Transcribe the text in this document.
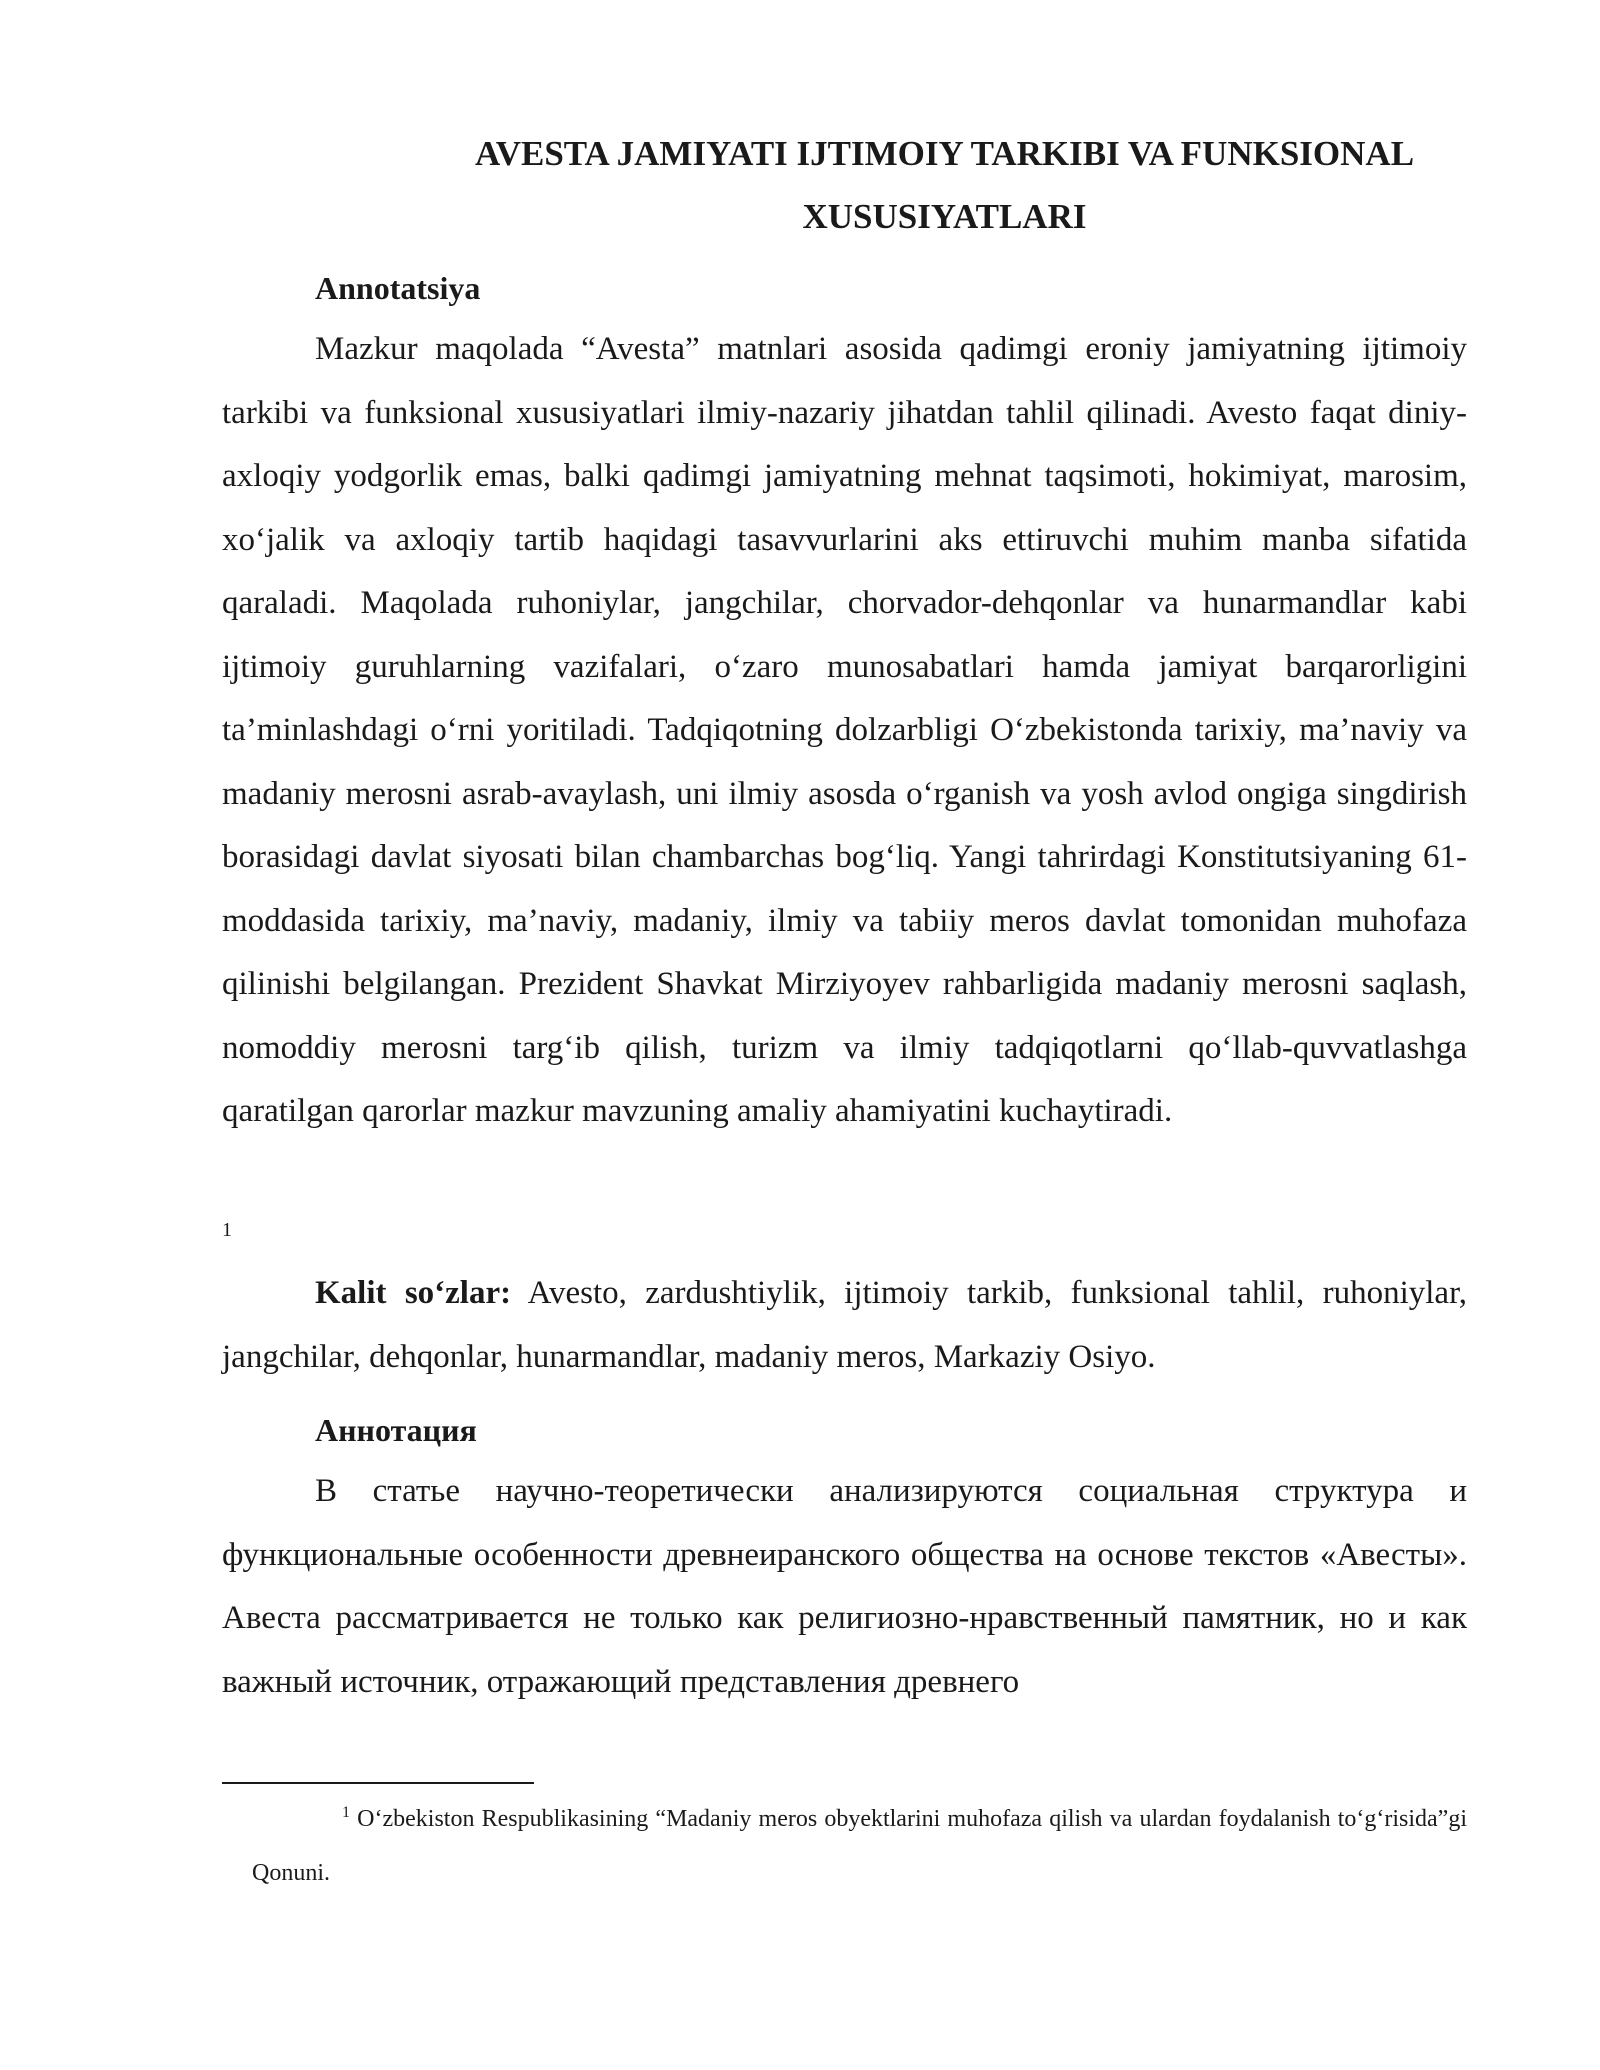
AVESTA JAMIYATI IJTIMOIY TARKIBI VA FUNKSIONAL XUSUSIYATLARI
Annotatsiya

Mazkur maqolada “Avesta” matnlari asosida qadimgi eroniy jamiyatning ijtimoiy tarkibi va funksional xususiyatlari ilmiy-nazariy jihatdan tahlil qilinadi. Avesto faqat diniy-axloqiy yodgorlik emas, balki qadimgi jamiyatning mehnat taqsimoti, hokimiyat, marosim, xo‘jalik va axloqiy tartib haqidagi tasavvurlarini aks ettiruvchi muhim manba sifatida qaraladi. Maqolada ruhoniylar, jangchilar, chorvador-dehqonlar va hunarmandlar kabi ijtimoiy guruhlarning vazifalari, o‘zaro munosabatlari hamda jamiyat barqarorligini ta’minlashdagi o‘rni yoritiladi. Tadqiqotning dolzarbligi O‘zbekistonda tarixiy, ma’naviy va madaniy merosni asrab-avaylash, uni ilmiy asosda o‘rganish va yosh avlod ongiga singdirish borasidagi davlat siyosati bilan chambarchas bog‘liq. Yangi tahrirdagi Konstitutsiyaning 61-moddasida tarixiy, ma’naviy, madaniy, ilmiy va tabiiy meros davlat tomonidan muhofaza qilinishi belgilangan. Prezident Shavkat Mirziyoyev rahbarligida madaniy merosni saqlash, nomoddiy merosni targ‘ib qilish, turizm va ilmiy tadqiqotlarni qo‘llab-quvvatlashga qaratilgan qarorlar mazkur mavzuning amaliy ahamiyatini kuchaytiradi.

1

Kalit so‘zlar: Avesto, zardushtiylik, ijtimoiy tarkib, funksional tahlil, ruhoniylar, jangchilar, dehqonlar, hunarmandlar, madaniy meros, Markaziy Osiyo.

Аннотация

В статье научно-теоретически анализируются социальная структура и функциональные особенности древнеиранского общества на основе текстов «Авесты». Авеста рассматривается не только как религиозно-нравственный памятник, но и как важный источник, отражающий представления древнего

$^1$ O‘zbekiston Respublikasining “Madaniy meros obyektlarini muhofaza qilish va ulardan foydalanish to‘g‘risida”gi Qonuni.
